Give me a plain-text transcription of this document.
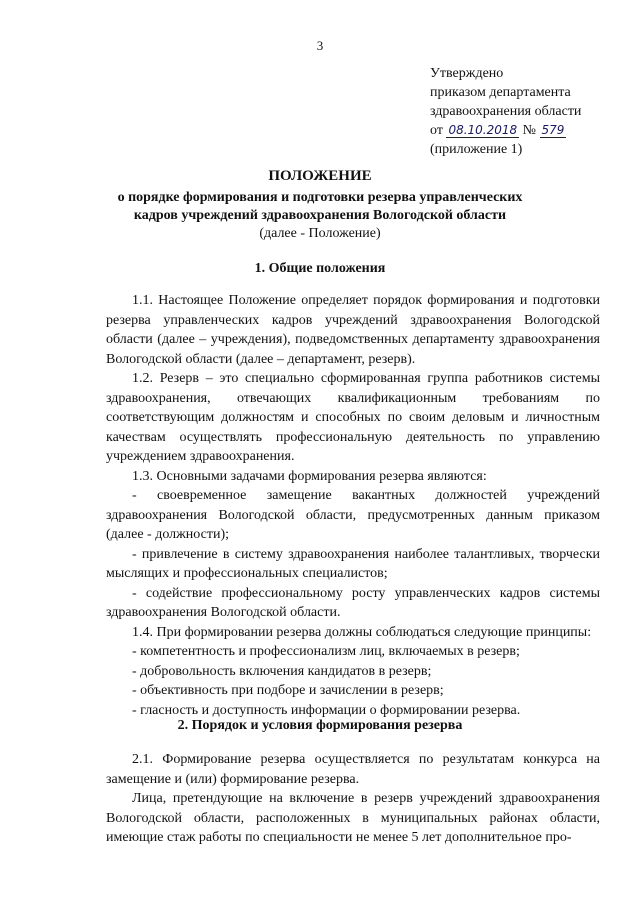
3
Утверждено
приказом департамента
здравоохранения области
от 08.10.2018 № 579
(приложение 1)
ПОЛОЖЕНИЕ
о порядке формирования и подготовки резерва управленческих
кадров учреждений здравоохранения Вологодской области
(далее - Положение)
1. Общие положения

1.1. Настоящее Положение определяет порядок формирования и подготовки резерва управленческих кадров учреждений здравоохранения Вологодской области (далее – учреждения), подведомственных департаменту здравоохранения Вологодской области (далее – департамент, резерв).

1.2. Резерв – это специально сформированная группа работников системы здравоохранения, отвечающих квалификационным требованиям по соответствующим должностям и способных по своим деловым и личностным качествам осуществлять профессиональную деятельность по управлению учреждением здравоохранения.

1.3. Основными задачами формирования резерва являются:

- своевременное замещение вакантных должностей учреждений здравоохранения Вологодской области, предусмотренных данным приказом (далее - должности);

- привлечение в систему здравоохранения наиболее талантливых, творчески мыслящих и профессиональных специалистов;

- содействие профессиональному росту управленческих кадров системы здравоохранения Вологодской области.

1.4. При формировании резерва должны соблюдаться следующие принципы:

- компетентность и профессионализм лиц, включаемых в резерв;

- добровольность включения кандидатов в резерв;

- объективность при подборе и зачислении в резерв;

- гласность и доступность информации о формировании резерва.

2. Порядок и условия формирования резерва

2.1. Формирование резерва осуществляется по результатам конкурса на замещение и (или) формирование резерва.

Лица, претендующие на включение в резерв учреждений здравоохранения Вологодской области, расположенных в муниципальных районах области, имеющие стаж работы по специальности не менее 5 лет дополнительное про-
